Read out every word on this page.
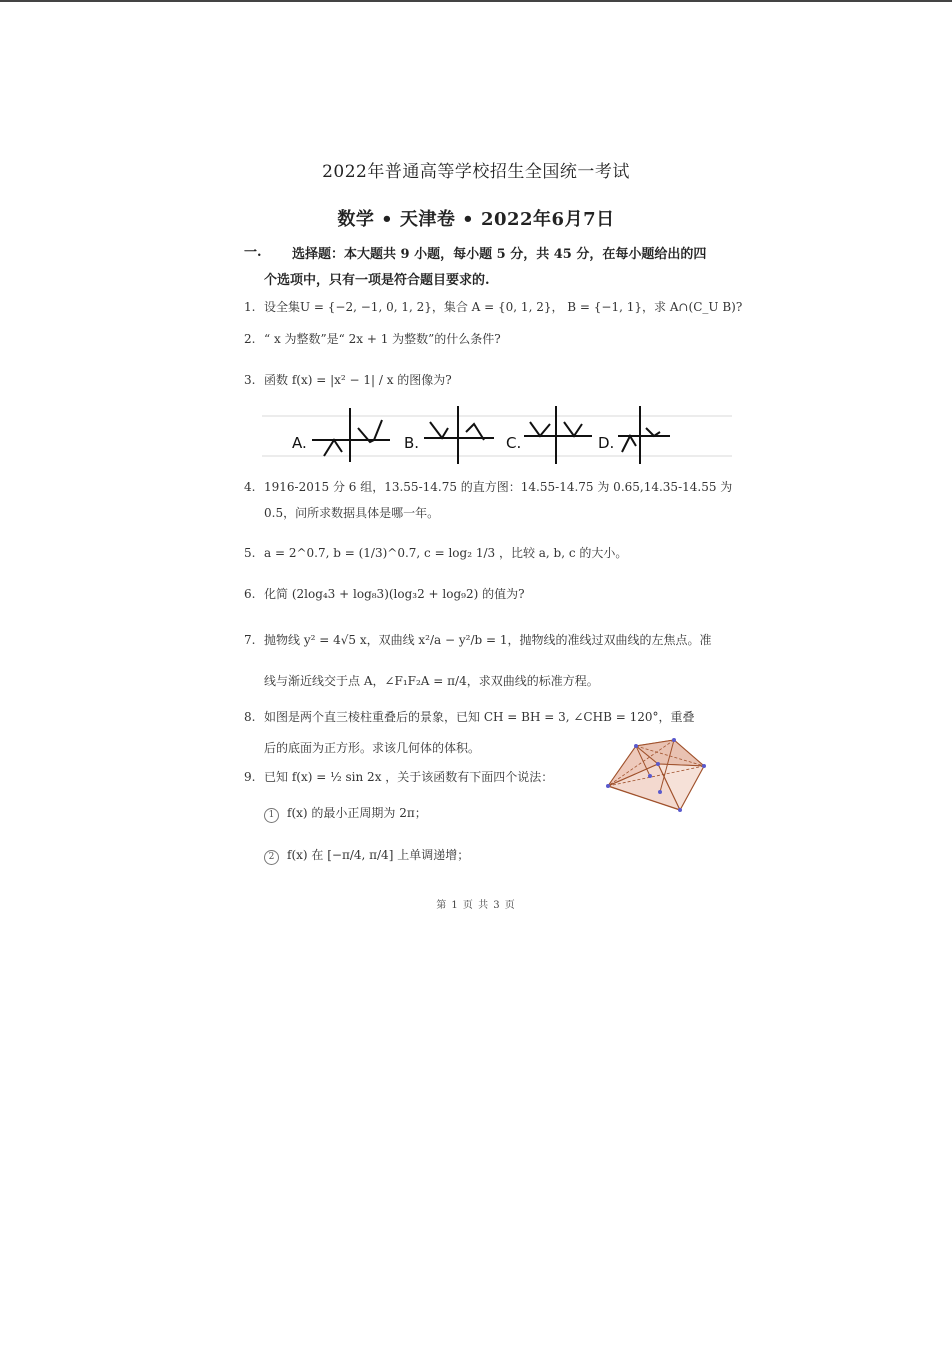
2022年普通高等学校招生全国统一考试
数学 • 天津卷 • 2022年6月7日
一. 选择题：本大题共 9 小题，每小题 5 分，共 45 分，在每小题给出的四
个选项中，只有一项是符合题目要求的.
1. 设全集U = {−2, −1, 0, 1, 2}，集合 A = {0, 1, 2}， B = {−1, 1}，求 A∩(C_U B)?
2. “ x 为整数”是“ 2x + 1 为整数”的什么条件?
3. 函数 f(x) = |x² − 1| / x 的图像为?
A.	B.	C.	D.
4. 1916-2015 分 6 组，13.55-14.75 的直方图：14.55-14.75 为 0.65,14.35-14.55 为
0.5，问所求数据具体是哪一年。
5. a = 2^0.7, b = (1/3)^0.7, c = log₂ 1/3 ，比较 a, b, c 的大小。
6. 化简 (2log₄3 + log₈3)(log₃2 + log₉2) 的值为?
7. 抛物线 y² = 4√5 x，双曲线 x²/a − y²/b = 1，抛物线的准线过双曲线的左焦点。准
线与渐近线交于点 A，∠F₁F₂A = π/4，求双曲线的标准方程。
8. 如图是两个直三棱柱重叠后的景象，已知 CH = BH = 3, ∠CHB = 120°，重叠
后的底面为正方形。求该几何体的体积。
9. 已知 f(x) = ½ sin 2x ，关于该函数有下面四个说法：
1 f(x) 的最小正周期为 2π；
2 f(x) 在 [−π/4, π/4] 上单调递增；
第 1 页 共 3 页
